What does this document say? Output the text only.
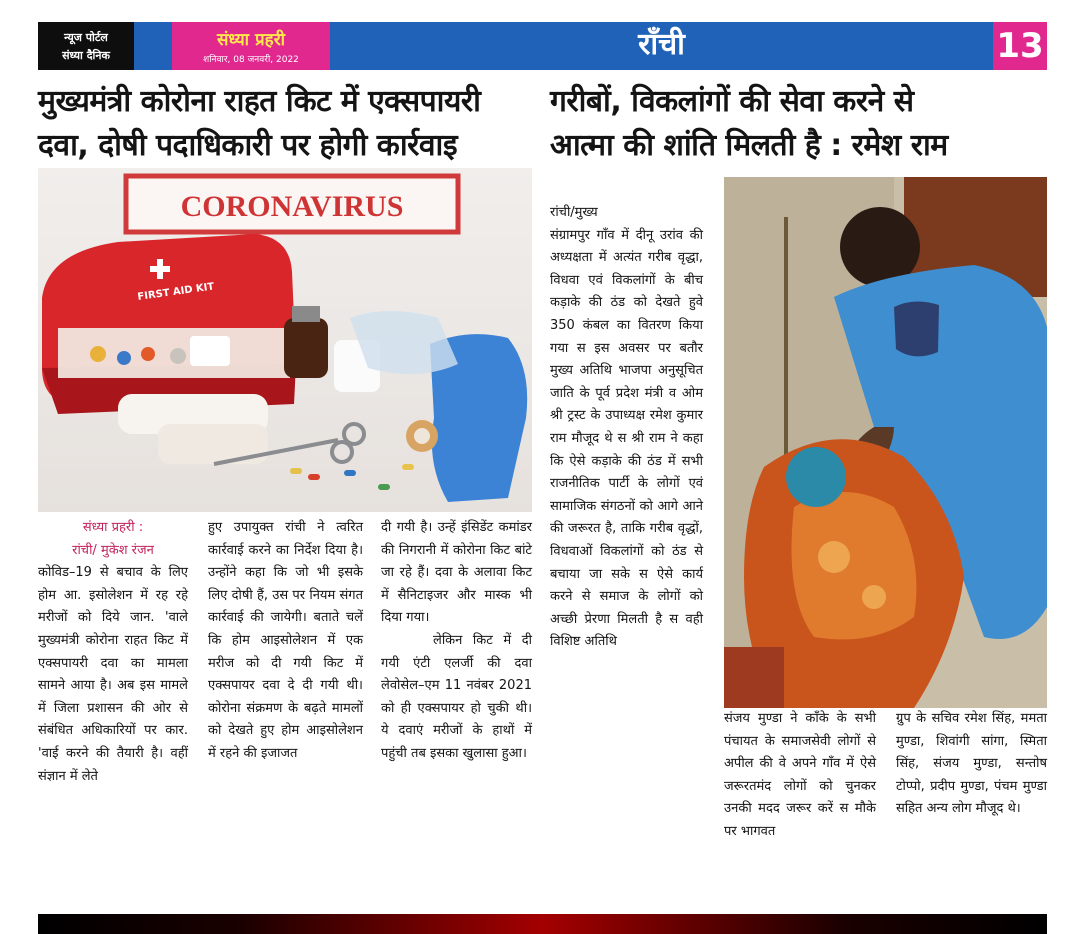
न्यूज पोर्टल
संध्या दैनिक
संध्या प्रहरी
शनिवार, 08 जनवरी, 2022	राँची	13
मुख्यमंत्री कोरोना राहत किट में एक्सपायरी
दवा, दोषी पदाधिकारी पर होगी कार्रवाइ
गरीबों, विकलांगों की सेवा करने से
आत्मा की शांति मिलती है : रमेश राम
CORONAVIRUS
FIRST AID KIT

संध्या प्रहरी :

रांची/ मुकेश रंजन

कोविड–19 से बचाव के लिए होम आ. इसोलेशन में रह रहे मरीजों को दिये जान. 'वाले मुख्यमंत्री कोरोना राहत किट में एक्सपायरी दवा का मामला सामने आया है। अब इस मामले में जिला प्रशासन की ओर से संबंधित अधिकारियों पर कार. 'वाई करने की तैयारी है। वहीं संज्ञान में लेते

हुए उपायुक्त रांची ने त्वरित कार्रवाई करने का निर्देश दिया है। उन्होंने कहा कि जो भी इसके लिए दोषी हैं, उस पर नियम संगत कार्रवाई की जायेगी। बताते चलें कि होम आइसोलेशन में एक मरीज को दी गयी किट में एक्सपायर दवा दे दी गयी थी। कोरोना संक्रमण के बढ़ते मामलों को देखते हुए होम आइसोलेशन में रहने की इजाजत

दी गयी है। उन्हें इंसिडेंट कमांडर की निगरानी में कोरोना किट बांटे जा रहे हैं। दवा के अलावा किट में सैनिटाइजर और मास्क भी दिया गया।

लेकिन किट में दी गयी एंटी एलर्जी की दवा लेवोसेल–एम 11 नवंबर 2021 को ही एक्सपायर हो चुकी थी। ये दवाएं मरीजों के हाथों में पहुंची तब इसका खुलासा हुआ।

रांची/मुख्य

संग्रामपुर गाँव में दीनू उरांव की अध्यक्षता में अत्यंत गरीब वृद्धा, विधवा एवं विकलांगों के बीच कड़ाके की ठंड को देखते हुवे 350 कंबल का वितरण किया गया स इस अवसर पर बतौर मुख्य अतिथि भाजपा अनुसूचित जाति के पूर्व प्रदेश मंत्री व ओम श्री ट्रस्ट के उपाध्यक्ष रमेश कुमार राम मौजूद थे स श्री राम ने कहा कि ऐसे कड़ाके की ठंड में सभी राजनीतिक पार्टी के लोगों एवं सामाजिक संगठनों को आगे आने की जरूरत है, ताकि गरीब वृद्धों, विधवाओं विकलांगों को ठंड से बचाया जा सके स ऐसे कार्य करने से समाज के लोगों को अच्छी प्रेरणा मिलती है स वही विशिष्ट अतिथि

संजय मुण्डा ने काँके के सभी पंचायत के समाजसेवी लोगों से अपील की वे अपने गाँव में ऐसे जरूरतमंद लोगों को चुनकर उनकी मदद जरूर करें स मौके पर भागवत

ग्रुप के सचिव रमेश सिंह, ममता मुण्डा, शिवांगी सांगा, स्मिता सिंह, संजय मुण्डा, सन्तोष टोप्पो, प्रदीप मुण्डा, पंचम मुण्डा सहित अन्य लोग मौजूद थे।
